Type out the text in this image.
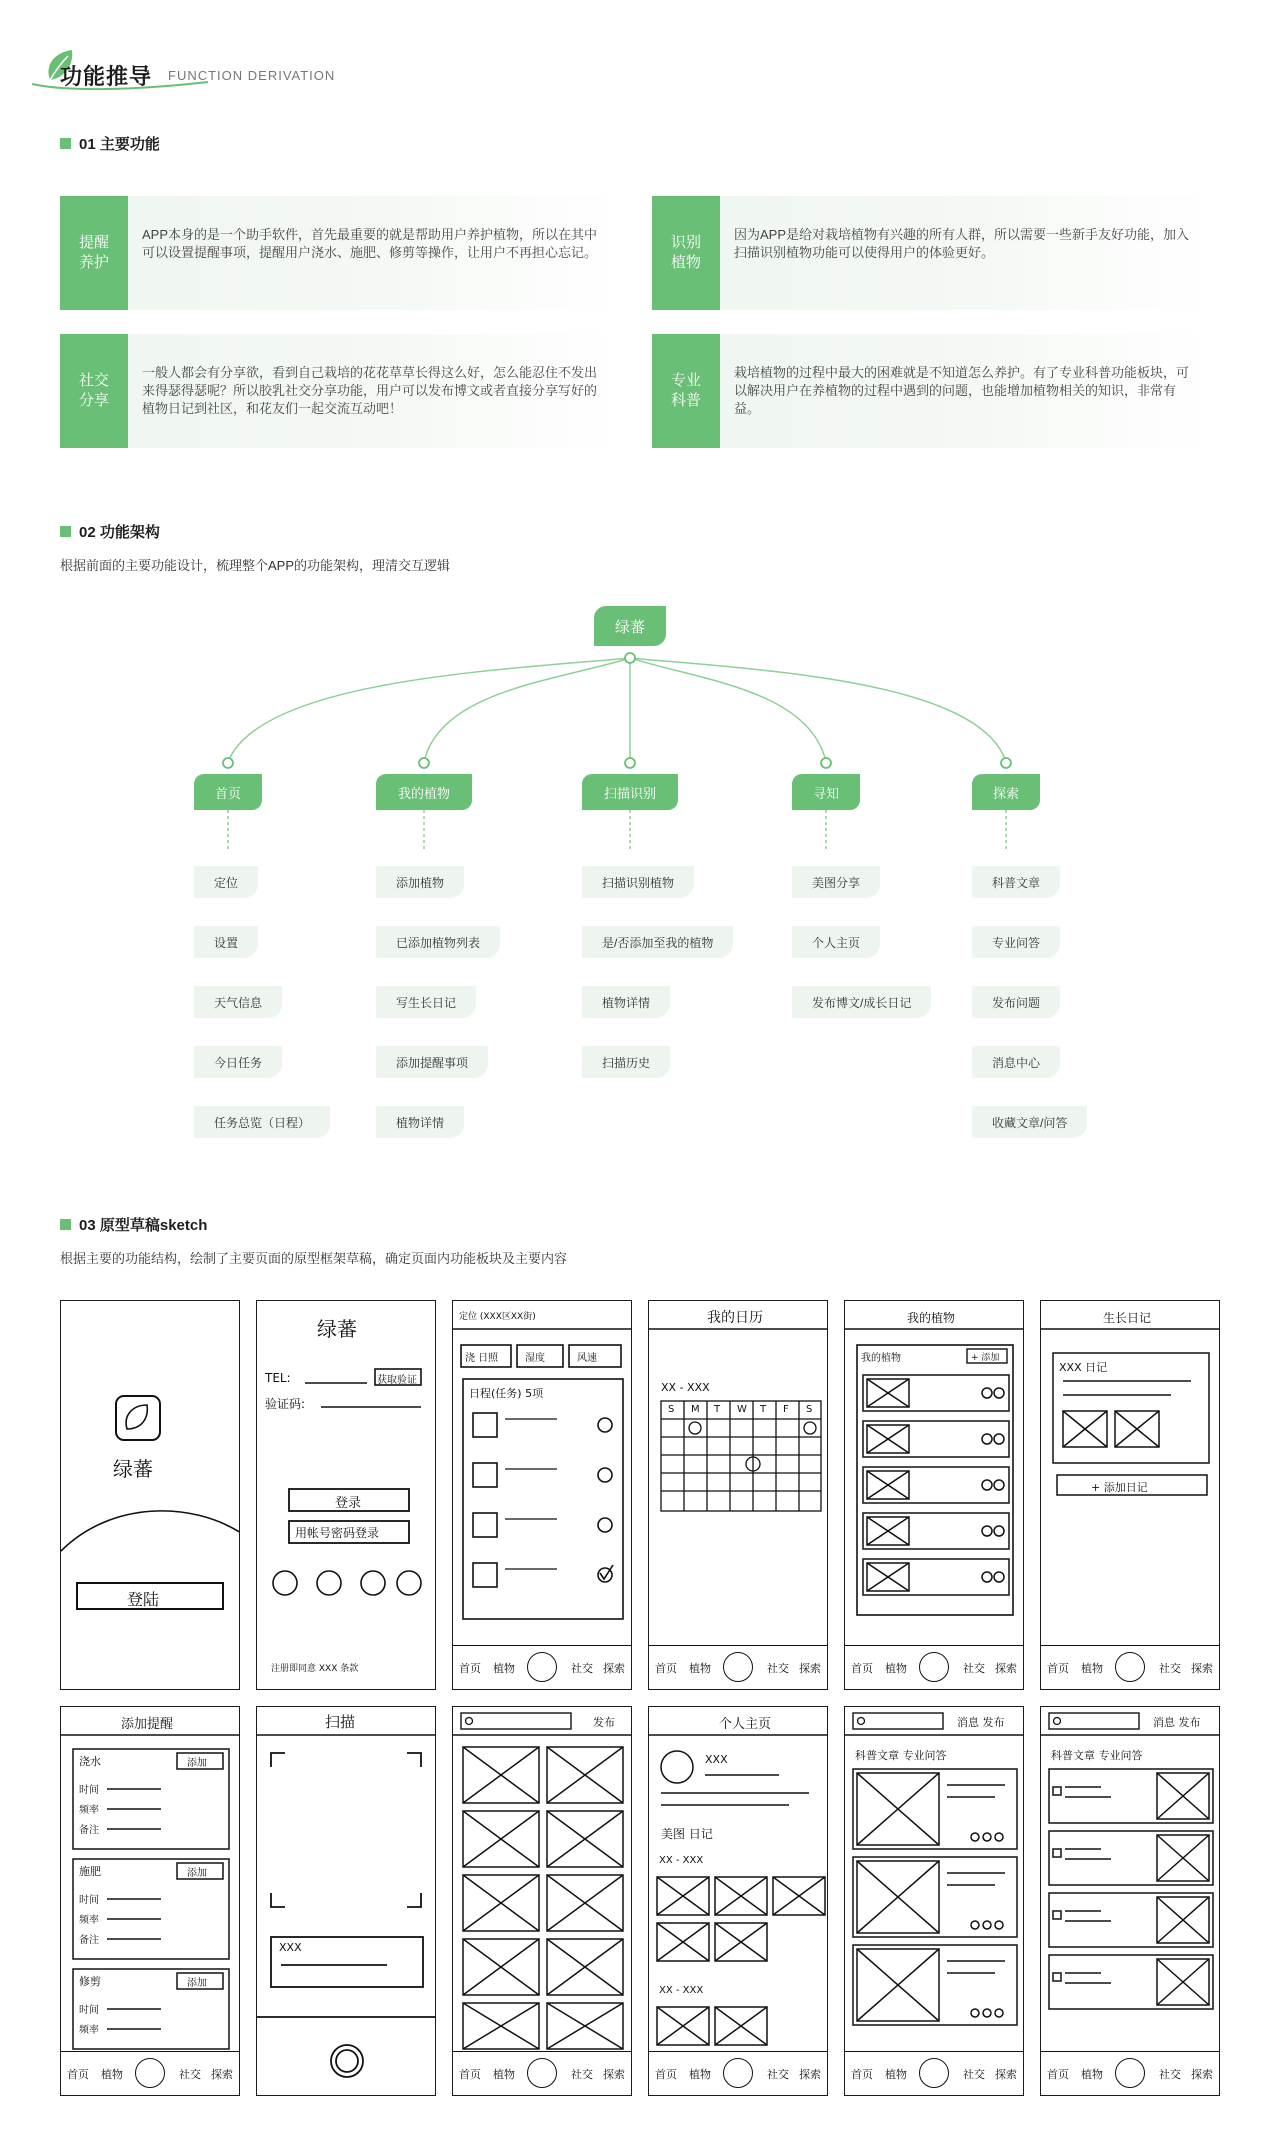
功能推导 FUNCTION DERIVATION
01 主要功能
提醒养护
APP本身的是一个助手软件，首先最重要的就是帮助用户养护植物，所以在其中可以设置提醒事项，提醒用户浇水、施肥、修剪等操作，让用户不再担心忘记。
识别植物
因为APP是给对栽培植物有兴趣的所有人群，所以需要一些新手友好功能，加入扫描识别植物功能可以使得用户的体验更好。
社交分享
一般人都会有分享欲，看到自己栽培的花花草草长得这么好，怎么能忍住不发出来得瑟得瑟呢？所以胶乳社交分享功能，用户可以发布博文或者直接分享写好的植物日记到社区，和花友们一起交流互动吧！
专业科普
栽培植物的过程中最大的困难就是不知道怎么养护。有了专业科普功能板块，可以解决用户在养植物的过程中遇到的问题，也能增加植物相关的知识，非常有益。
02 功能架构
根据前面的主要功能设计，梳理整个APP的功能架构，理清交互逻辑
绿蕃
首页	我的植物	扫描识别	寻知	探索
定位
设置
天气信息
今日任务
任务总览（日程）
添加植物
已添加植物列表
写生长日记
添加提醒事项
植物详情
扫描识别植物
是/否添加至我的植物
植物详情
扫描历史
美图分享
个人主页
发布博文/成长日记
科普文章
专业问答
发布问题
消息中心
收藏文章/问答
03 原型草稿sketch
根据主要的功能结构，绘制了主要页面的原型框架草稿，确定页面内功能板块及主要内容
绿蕃
登陆
绿蕃
TEL:	获取验证
验证码:
登录
用帐号密码登录
注册即同意 XXX 条款
定位 (XXX区XX街)
浇 日照	湿度	风速
日程(任务) 5项
首页 植物	社交 探索
我的日历
XX - XXX
S M T W T F S
首页 植物	社交 探索
我的植物
我的植物	+ 添加
首页 植物	社交 探索
生长日记
XXX 日记
+ 添加日记
首页 植物	社交 探索
添加提醒
浇水	添加
时间
频率
备注
施肥	添加
时间
频率
备注
修剪	添加
时间
频率
首页 植物	社交 探索
扫描
XXX
发布
首页 植物	社交 探索
个人主页
XXX
美图 日记
XX - XXX
XX - XXX
首页 植物	社交 探索
消息 发布
科普文章 专业问答
首页 植物	社交 探索
消息 发布
科普文章 专业问答
首页 植物	社交 探索
